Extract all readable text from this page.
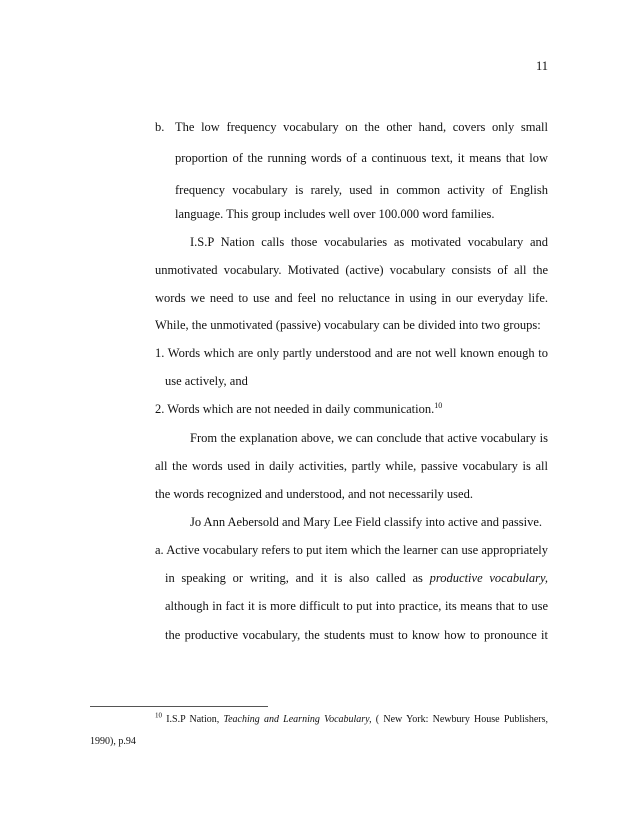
11
b. The low frequency vocabulary on the other hand, covers only small
proportion of the running words of a continuous text, it means that low
frequency vocabulary is rarely, used in common activity of English
language. This group includes well over 100.000 word families.
I.S.P Nation calls those vocabularies as motivated vocabulary and
unmotivated vocabulary. Motivated (active) vocabulary consists of all the
words we need to use and feel no reluctance in using in our everyday life.
While, the unmotivated (passive) vocabulary can be divided into two groups:
1. Words which are only partly understood and are not well known enough to
use actively, and
2. Words which are not needed in daily communication.$^{10}$
From the explanation above, we can conclude that active vocabulary is
all the words used in daily activities, partly while, passive vocabulary is all
the words recognized and understood, and not necessarily used.
Jo Ann Aebersold and Mary Lee Field classify into active and passive.
a. Active vocabulary refers to put item which the learner can use appropriately
in speaking or writing, and it is also called as productive vocabulary,
although in fact it is more difficult to put into practice, its means that to use
the productive vocabulary, the students must to know how to pronounce it
$^{10}$ I.S.P Nation, Teaching and Learning Vocabulary, ( New York: Newbury House Publishers,
1990), p.94
